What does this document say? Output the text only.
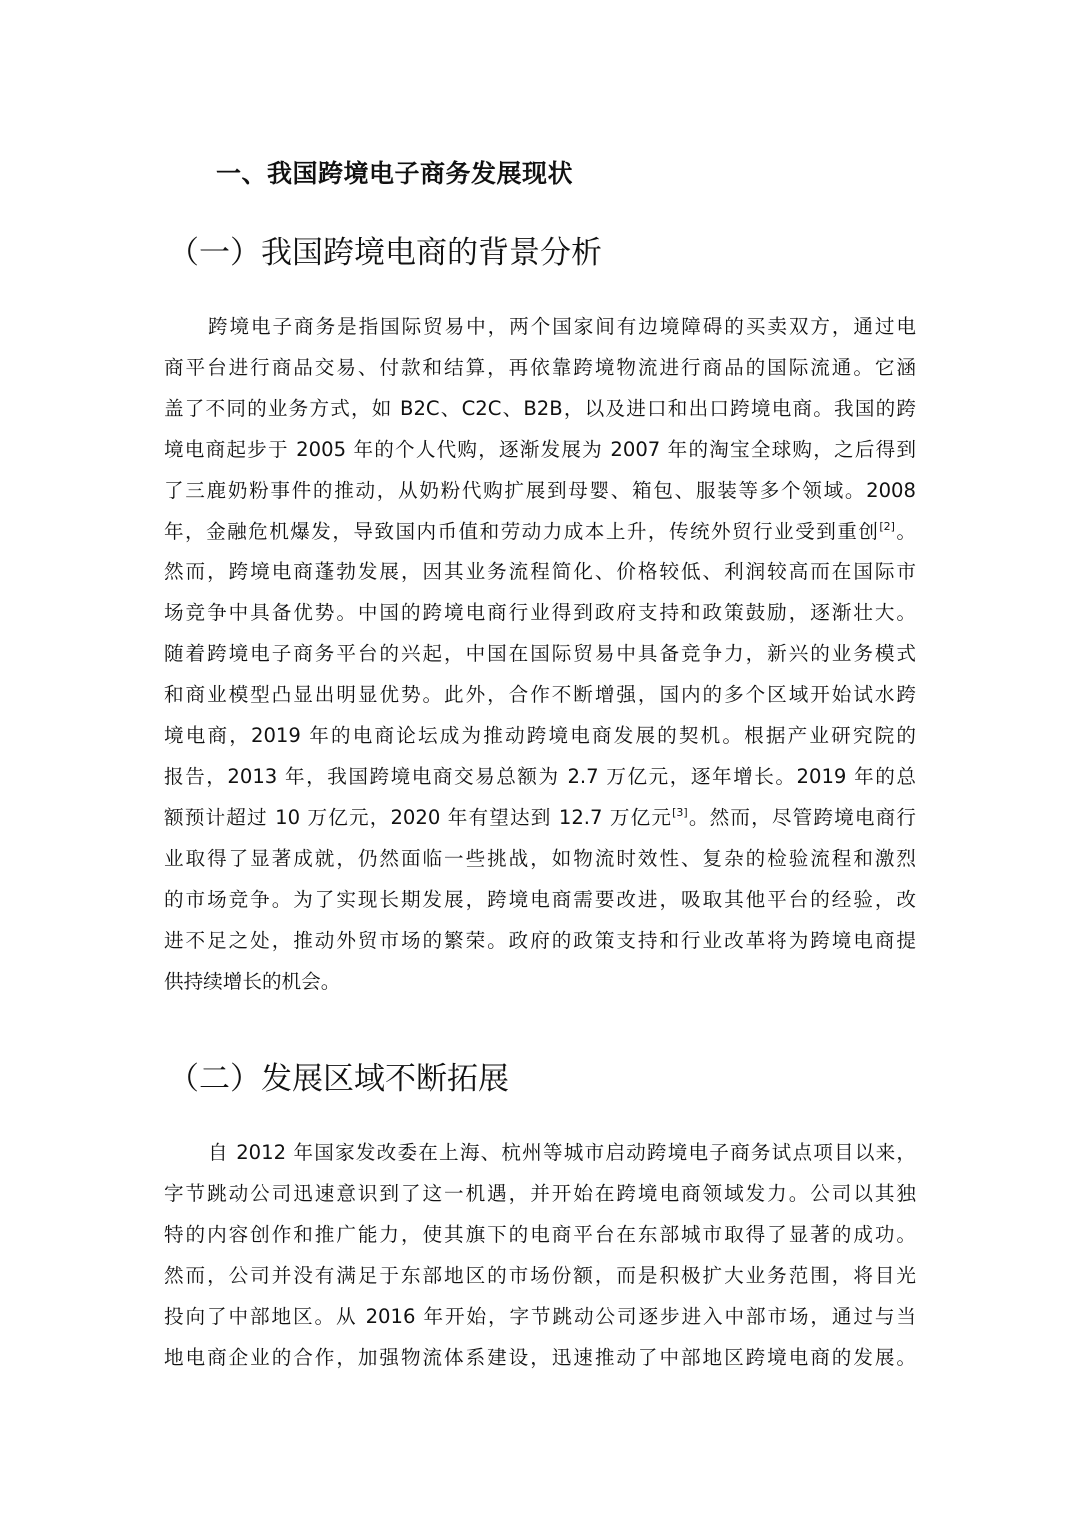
一、我国跨境电子商务发展现状
（一）我国跨境电商的背景分析
跨境电子商务是指国际贸易中，两个国家间有边境障碍的买卖双方，通过电
商平台进行商品交易、付款和结算，再依靠跨境物流进行商品的国际流通。它涵
盖了不同的业务方式，如 B2C、C2C、B2B，以及进口和出口跨境电商。我国的跨
境电商起步于 2005 年的个人代购，逐渐发展为 2007 年的淘宝全球购，之后得到
了三鹿奶粉事件的推动，从奶粉代购扩展到母婴、箱包、服装等多个领域。2008
年，金融危机爆发，导致国内币值和劳动力成本上升，传统外贸行业受到重创[2]。
然而，跨境电商蓬勃发展，因其业务流程简化、价格较低、利润较高而在国际市
场竞争中具备优势。中国的跨境电商行业得到政府支持和政策鼓励，逐渐壮大。
随着跨境电子商务平台的兴起，中国在国际贸易中具备竞争力，新兴的业务模式
和商业模型凸显出明显优势。此外，合作不断增强，国内的多个区域开始试水跨
境电商，2019 年的电商论坛成为推动跨境电商发展的契机。根据产业研究院的
报告，2013 年，我国跨境电商交易总额为 2.7 万亿元，逐年增长。2019 年的总
额预计超过 10 万亿元，2020 年有望达到 12.7 万亿元[3]。然而，尽管跨境电商行
业取得了显著成就，仍然面临一些挑战，如物流时效性、复杂的检验流程和激烈
的市场竞争。为了实现长期发展，跨境电商需要改进，吸取其他平台的经验，改
进不足之处，推动外贸市场的繁荣。政府的政策支持和行业改革将为跨境电商提
供持续增长的机会。
（二）发展区域不断拓展
自 2012 年国家发改委在上海、杭州等城市启动跨境电子商务试点项目以来，
字节跳动公司迅速意识到了这一机遇，并开始在跨境电商领域发力。公司以其独
特的内容创作和推广能力，使其旗下的电商平台在东部城市取得了显著的成功。
然而，公司并没有满足于东部地区的市场份额，而是积极扩大业务范围，将目光
投向了中部地区。从 2016 年开始，字节跳动公司逐步进入中部市场，通过与当
地电商企业的合作，加强物流体系建设，迅速推动了中部地区跨境电商的发展。
